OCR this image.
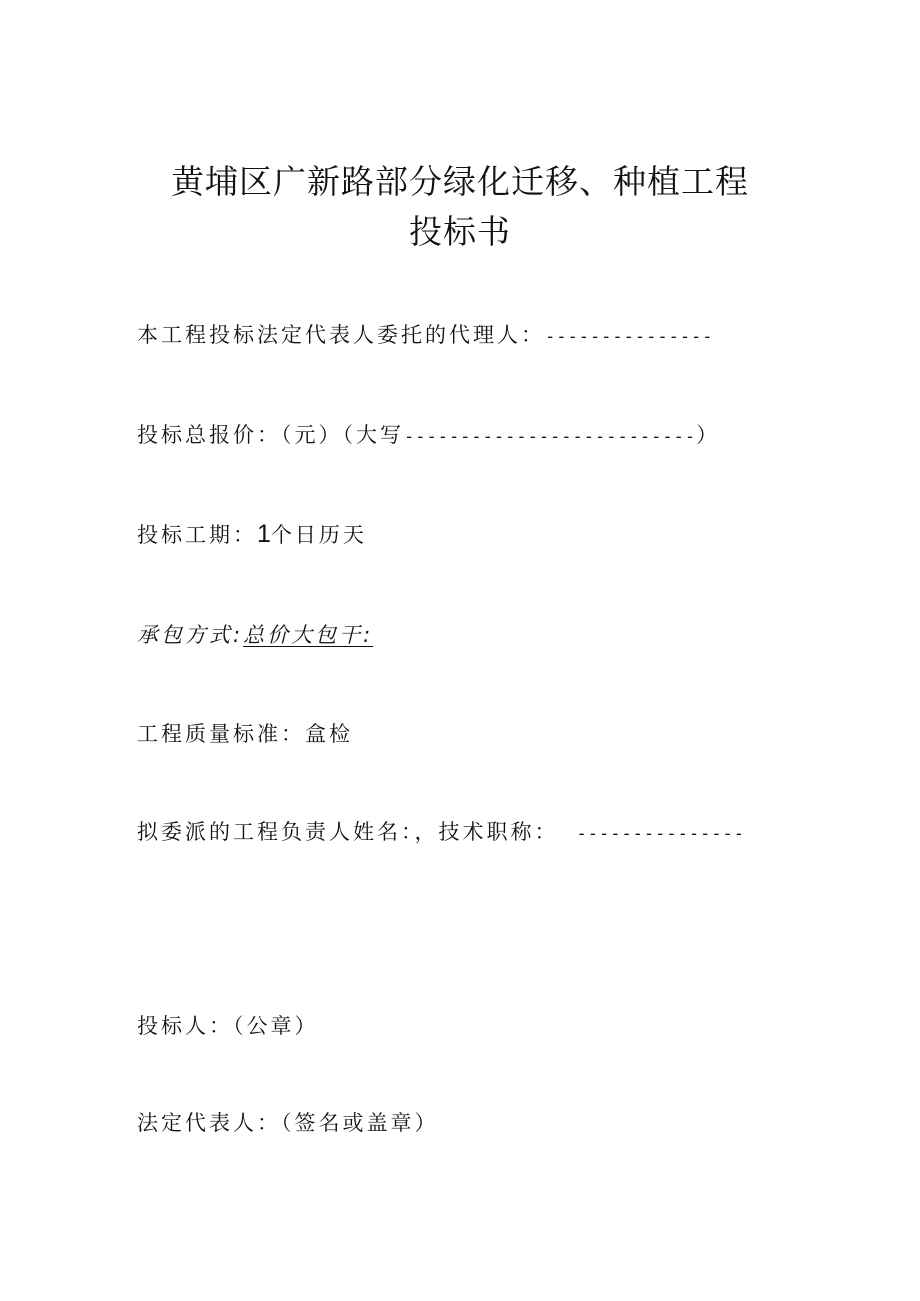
黄埔区广新路部分绿化迁移、种植工程
投标书
本工程投标法定代表人委托的代理人：---------------
投标总报价：（元）（大写--------------------------）
投标工期：1个日历天
承包方式:总价大包干:
工程质量标准：盒检
拟委派的工程负责人姓名：，技术职称： ---------------
投标人：（公章）
法定代表人：（签名或盖章）
